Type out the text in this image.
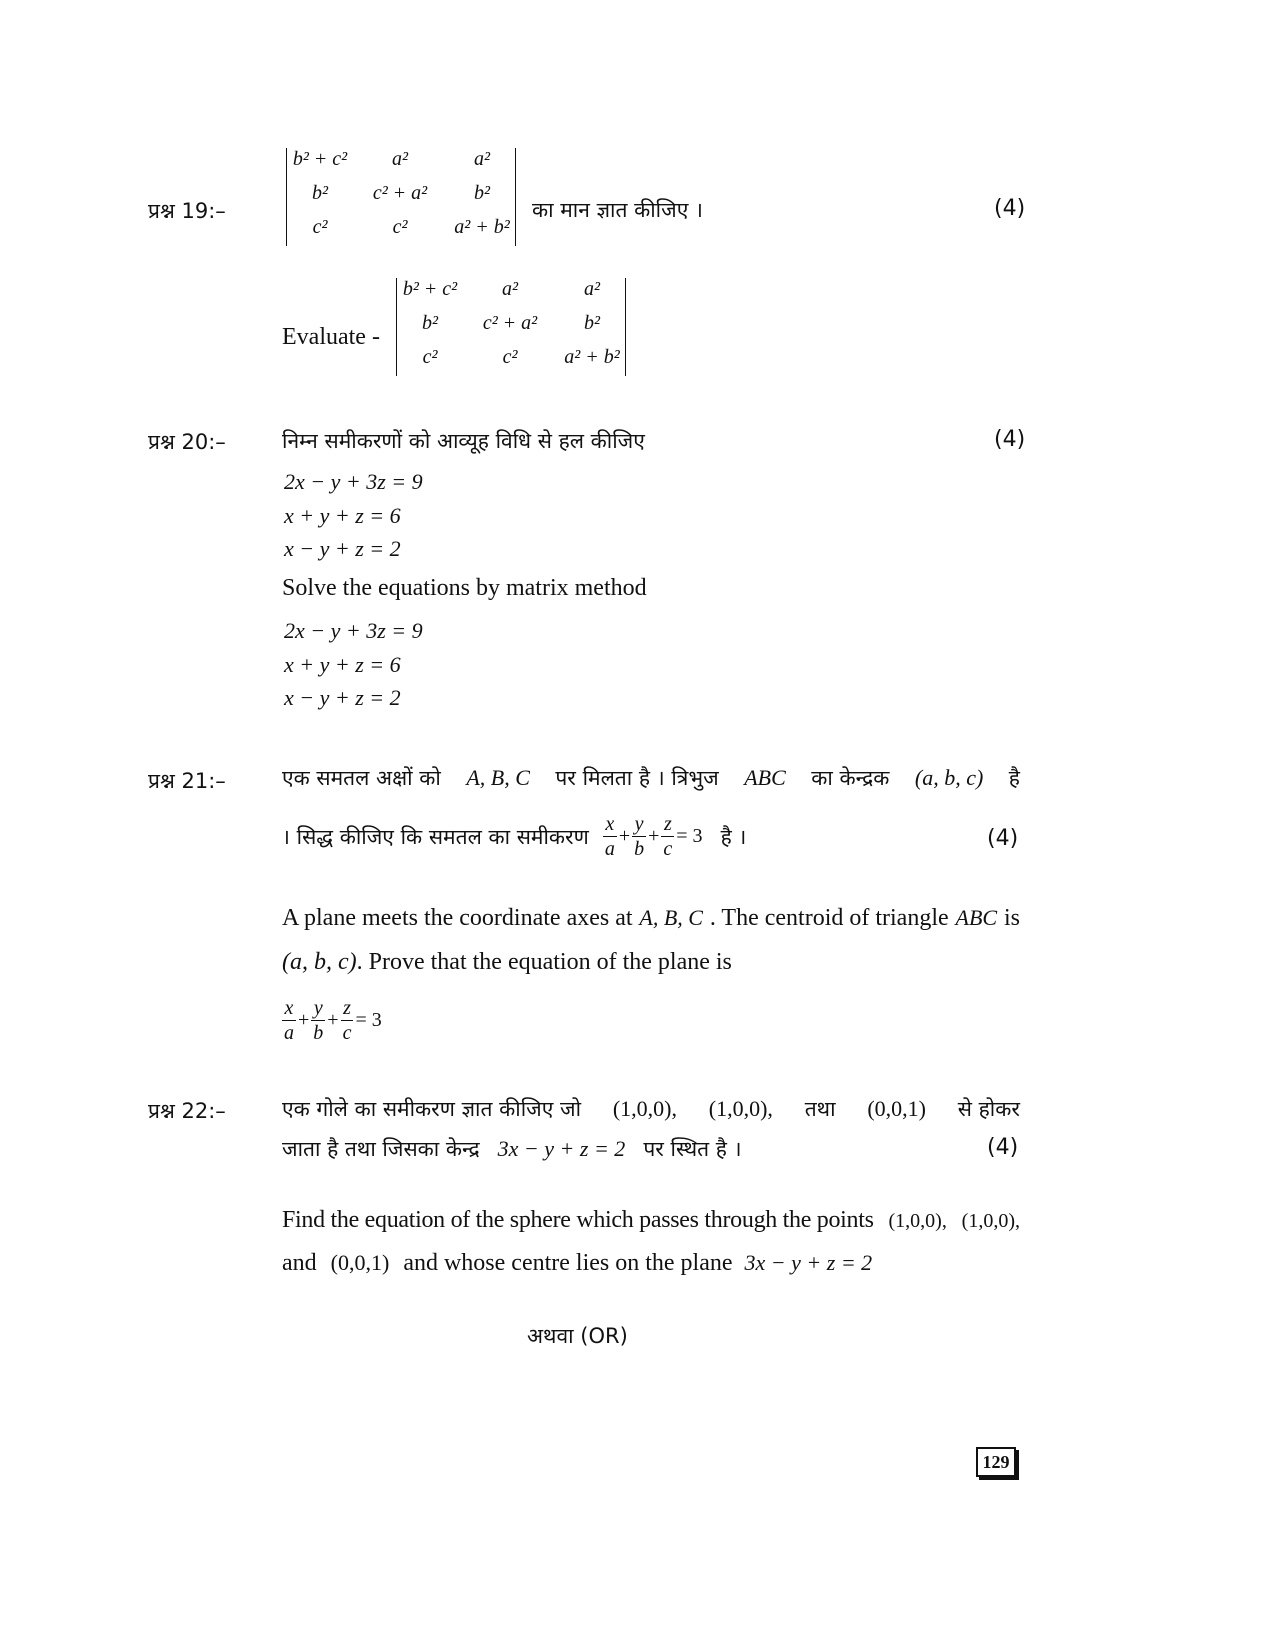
प्रश्न 19:–
b² + c²	a²	a²
b²	c² + a²	b²
c²	c²	a² + b²
का मान ज्ञात कीजिए ।	(4)
Evaluate -
b² + c²	a²	a²
b²	c² + a²	b²
c²	c²	a² + b²
प्रश्न 20:–	निम्न समीकरणों को आव्यूह विधि से हल कीजिए	(4)
2x − y + 3z = 9
x + y + z = 6
x − y + z = 2
Solve the equations by matrix method
2x − y + 3z = 9
x + y + z = 6
x − y + z = 2
प्रश्न 21:–	एक समतल अक्षों को A, B, C पर मिलता है । त्रिभुज ABC का केन्द्रक (a, b, c) है
। सिद्ध कीजिए कि समतल का समीकरण $\frac{x}{a} + \frac{y}{b} + \frac{z}{c} = 3$ है ।	(4)
A plane meets the coordinate axes at A, B, C . The centroid of triangle ABC is
(a, b, c). Prove that the equation of the plane is
$\frac{x}{a} + \frac{y}{b} + \frac{z}{c} = 3$
प्रश्न 22:–	एक गोले का समीकरण ज्ञात कीजिए जो (1,0,0), (1,0,0), तथा (0,0,1) से होकर
जाता है तथा जिसका केन्द्र 3x − y + z = 2 पर स्थित है ।	(4)
Find the equation of the sphere which passes through the points (1,0,0), (1,0,0),
and (0,0,1) and whose centre lies on the plane 3x − y + z = 2
अथवा (OR)
129
